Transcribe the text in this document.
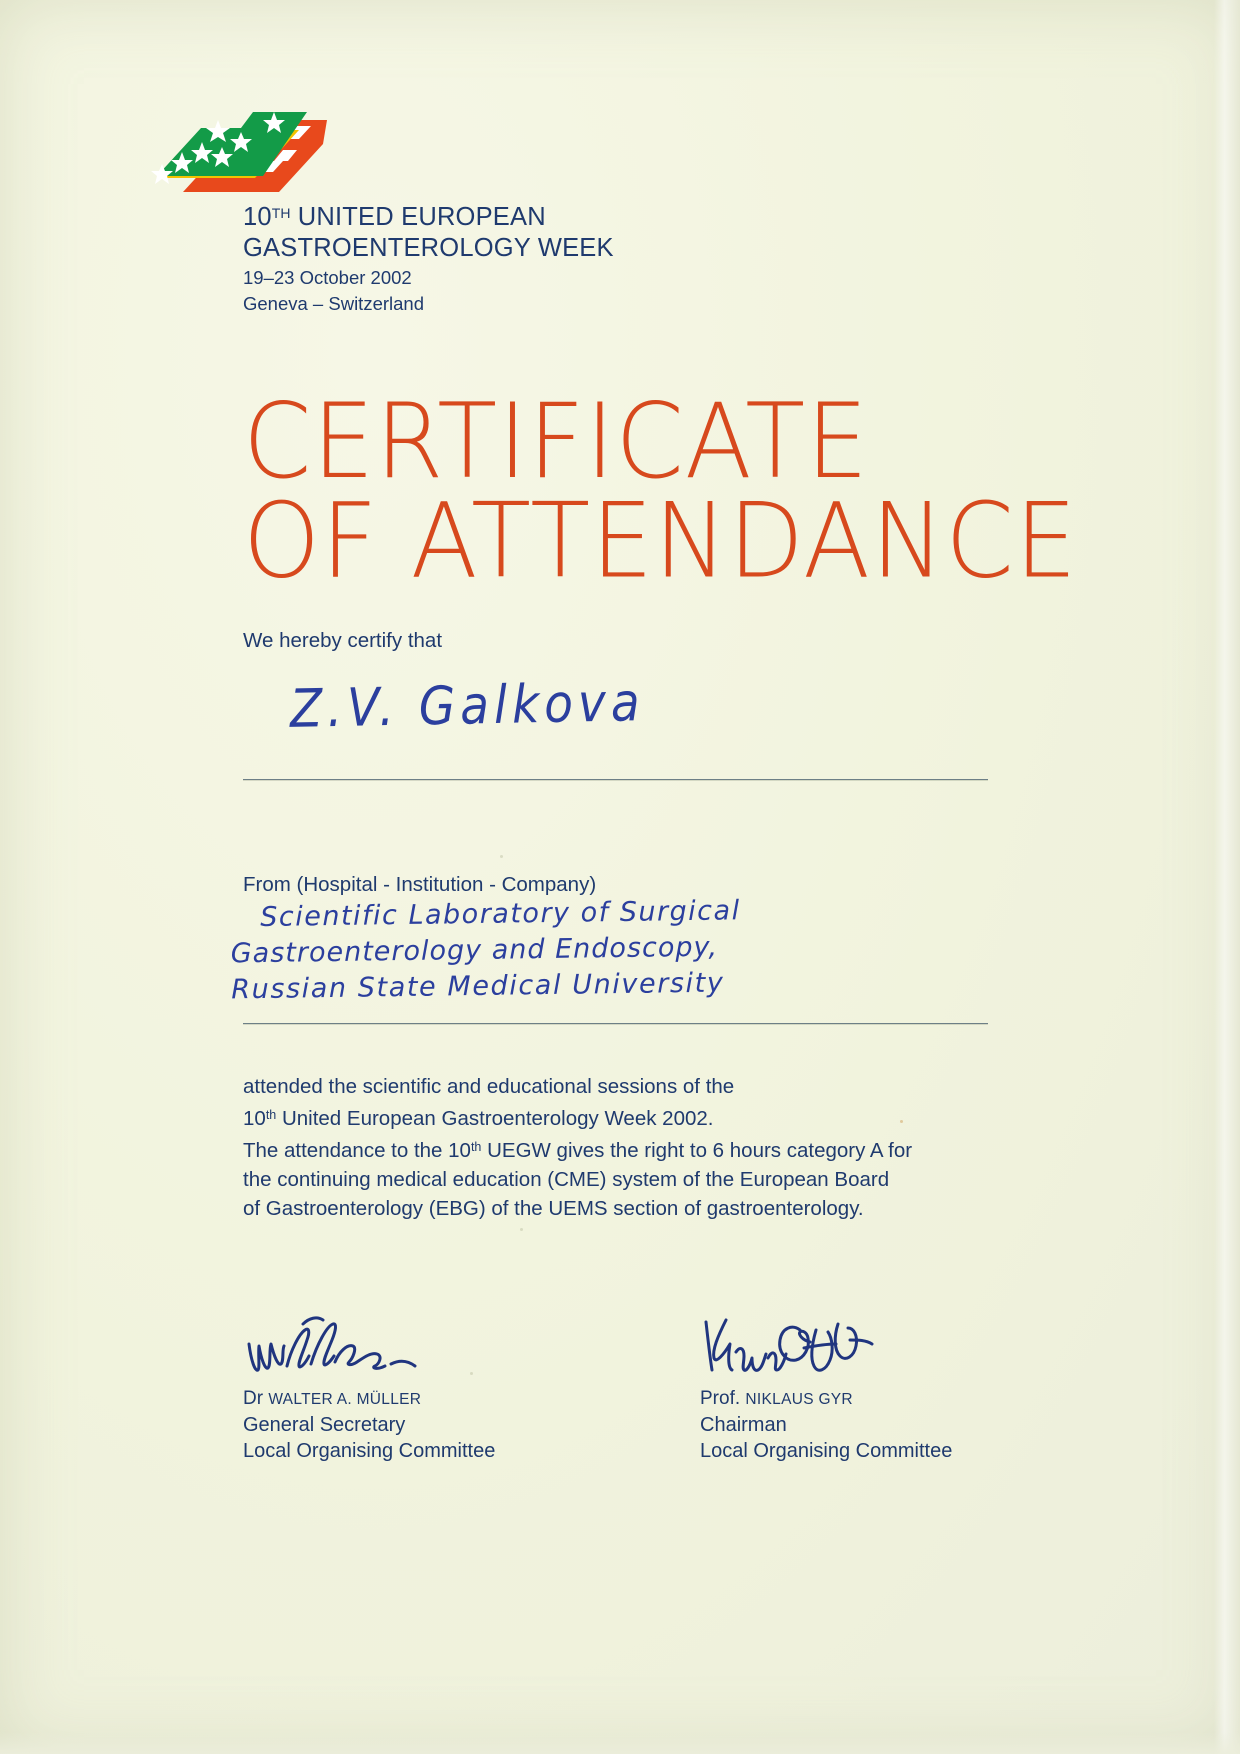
10TH UNITED EUROPEAN
GASTROENTEROLOGY WEEK
19–23 October 2002
Geneva – Switzerland
CERTIFICATE
OF ATTENDANCE
We hereby certify that
Z.V. Galkova
From (Hospital - Institution - Company)
Scientific Laboratory of Surgical
Gastroenterology and Endoscopy,
Russian State Medical University
attended the scientific and educational sessions of the
10th United European Gastroenterology Week 2002.
The attendance to the 10th UEGW gives the right to 6 hours category A for
the continuing medical education (CME) system of the European Board
of Gastroenterology (EBG) of the UEMS section of gastroenterology.
Dr WALTER A. MÜLLER
General Secretary
Local Organising Committee
Prof. NIKLAUS GYR
Chairman
Local Organising Committee
